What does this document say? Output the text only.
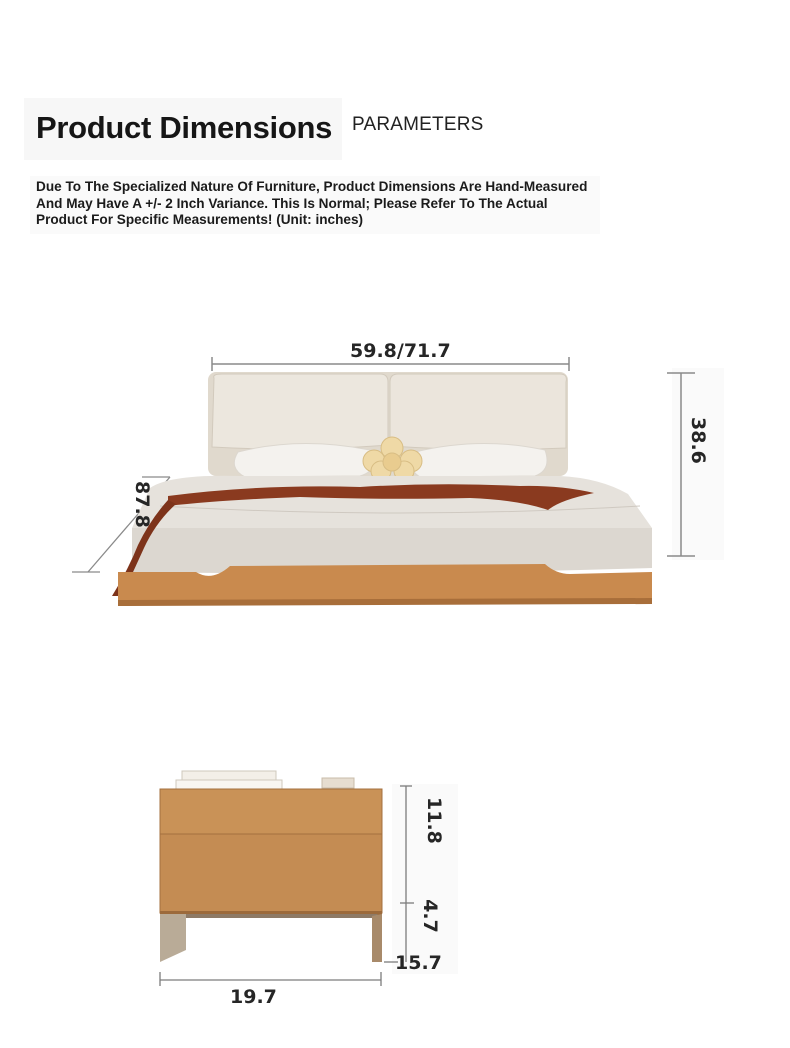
Product Dimensions PARAMETERS
Due To The Specialized Nature Of Furniture, Product Dimensions Are Hand-Measured And May Have A +/- 2 Inch Variance. This Is Normal; Please Refer To The Actual Product For Specific Measurements! (Unit: inches)
59.8/71.7
38.6
87.8
11.8
4.7
15.7
19.7
